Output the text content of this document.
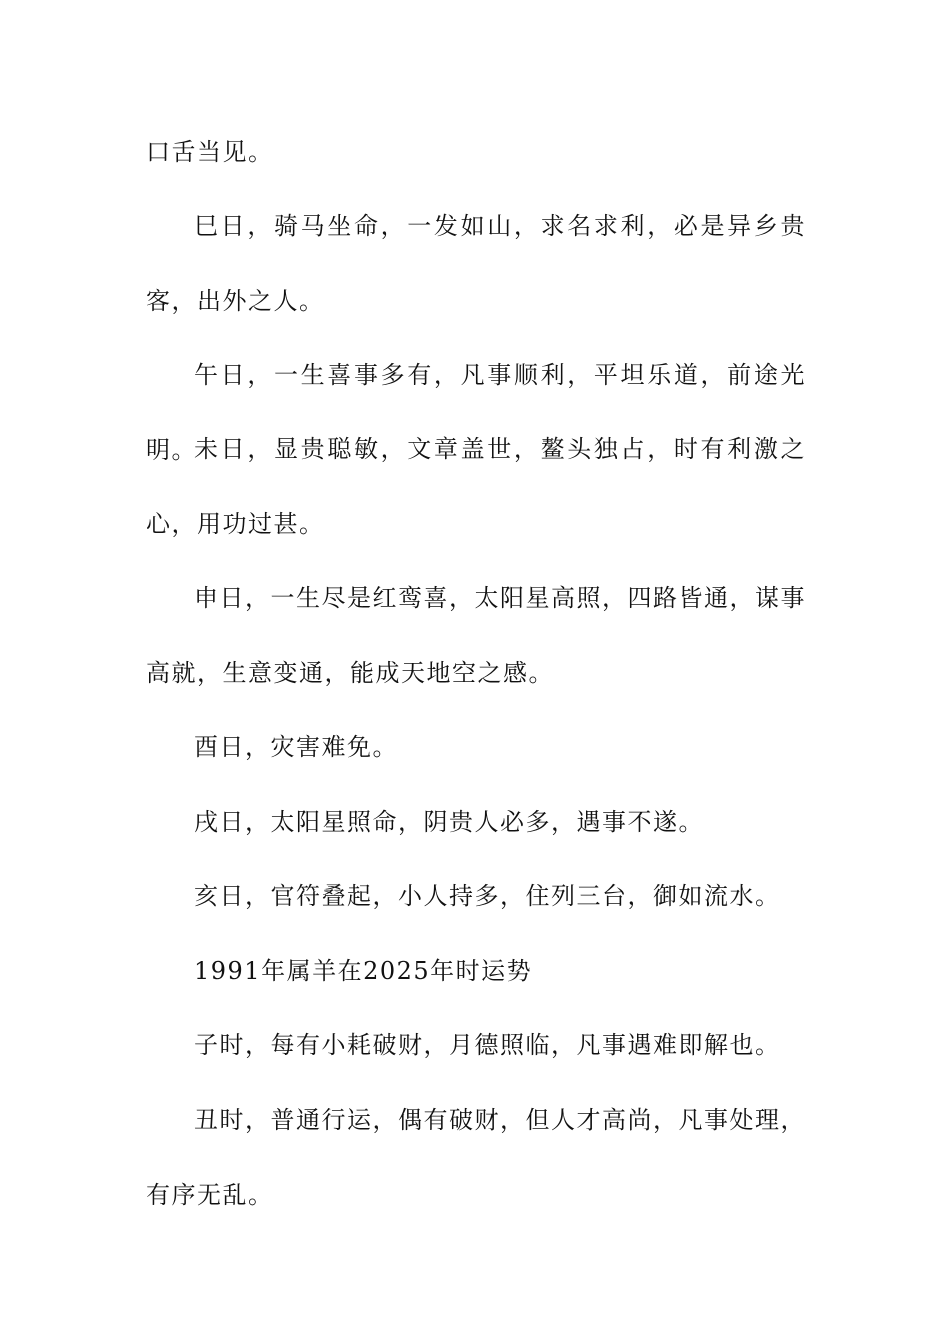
口舌当见。

巳日，骑马坐命，一发如山，求名求利，必是异乡贵客，出外之人。

午日，一生喜事多有，凡事顺利，平坦乐道，前途光明。

未日，显贵聪敏，文章盖世，鳌头独占，时有利激之心，用功过甚。

申日，一生尽是红鸾喜，太阳星高照，四路皆通，谋事高就，生意变通，能成天地空之感。

酉日，灾害难免。

戌日，太阳星照命，阴贵人必多，遇事不遂。

亥日，官符叠起，小人持多，住列三台，御如流水。

1991年属羊在2025年时运势

子时，每有小耗破财，月德照临，凡事遇难即解也。

丑时，普通行运，偶有破财，但人才高尚，凡事处理，有序无乱。
